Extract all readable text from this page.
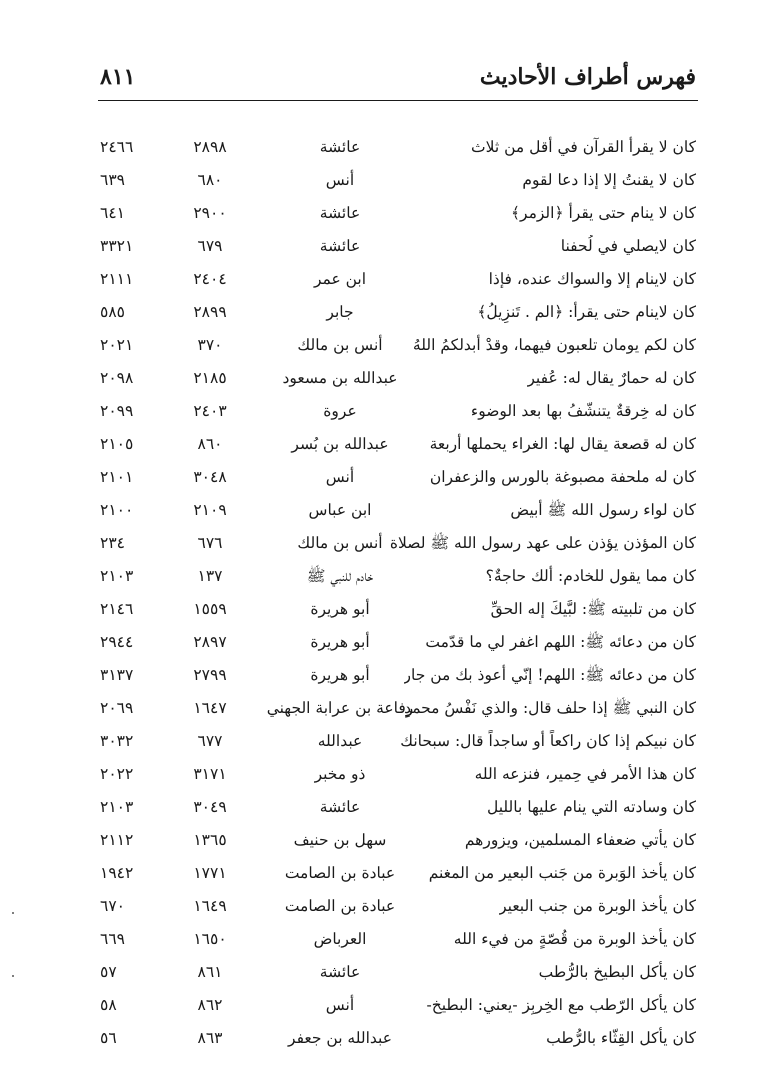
فهرس أطراف الأحاديث
٨١١
كان لا يقرأ القرآن في أقل من ثلاث
عائشة
٢٨٩٨
٢٤٦٦
كان لا يقنتُ إلا إذا دعا لقوم
أنس
٦٨٠
٦٣٩
كان لا ينام حتى يقرأ ﴿الزمر﴾
عائشة
٢٩٠٠
٦٤١
كان لايصلي في لُحفنا
عائشة
٦٧٩
٣٣٢١
كان لاينام إلا والسواك عنده، فإذا
ابن عمر
٢٤٠٤
٢١١١
كان لاينام حتى يقرأ: ﴿الم . تَنزِيلُ﴾
جابر
٢٨٩٩
٥٨٥
كان لكم يومان تلعبون فيهما، وقدْ أبدلكمُ اللهُ
أنس بن مالك
٣٧٠
٢٠٢١
كان له حمارٌ يقال له: عُفير
عبدالله بن مسعود
٢١٨٥
٢٠٩٨
كان له خِرقةٌ يتنشّفُ بها بعد الوضوء
عروة
٢٤٠٣
٢٠٩٩
كان له قصعة يقال لها: الغراء يحملها أربعة
عبدالله بن بُسر
٨٦٠
٢١٠٥
كان له ملحفة مصبوغة بالورس والزعفران
أنس
٣٠٤٨
٢١٠١
كان لواء رسول الله ﷺ أبيض
ابن عباس
٢١٠٩
٢١٠٠
كان المؤذن يؤذن على عهد رسول الله ﷺ لصلاة
أنس بن مالك
٦٧٦
٢٣٤
كان مما يقول للخادم: ألك حاجةٌ؟
خادم للنبي ﷺ
١٣٧
٢١٠٣
كان من تلبيته ﷺ: لبَّيكَ إله الحقِّ
أبو هريرة
١٥٥٩
٢١٤٦
كان من دعائه ﷺ: اللهم اغفر لي ما قدّمت
أبو هريرة
٢٨٩٧
٢٩٤٤
كان من دعائه ﷺ: اللهم! إنّي أعوذ بك من جار
أبو هريرة
٢٧٩٩
٣١٣٧
كان النبي ﷺ إذا حلف قال: والذي نَفْسُ محمدٍ
رفاعة بن عرابة الجهني
١٦٤٧
٢٠٦٩
كان نبيكم إذا كان راكعاً أو ساجداً قال: سبحانك
عبدالله
٦٧٧
٣٠٣٢
كان هذا الأمر في حِمير، فنزعه الله
ذو مخبر
٣١٧١
٢٠٢٢
كان وسادته التي ينام عليها بالليل
عائشة
٣٠٤٩
٢١٠٣
كان يأتي ضعفاء المسلمين، ويزورهم
سهل بن حنيف
١٣٦٥
٢١١٢
كان يأخذ الوَبرة من جَنب البعير من المغنم
عبادة بن الصامت
١٧٧١
١٩٤٢
كان يأخذ الوبرة من جنب البعير
عبادة بن الصامت
١٦٤٩
٦٧٠
كان يأخذ الوبرة من قُصّةٍ من فيء الله
العرباض
١٦٥٠
٦٦٩
كان يأكل البطيخ بالرُّطب
عائشة
٨٦١
٥٧
كان يأكل الرّطب مع الخِربِز -يعني: البطيخ-
أنس
٨٦٢
٥٨
كان يأكل القِثّاء بالرُّطب
عبدالله بن جعفر
٨٦٣
٥٦
